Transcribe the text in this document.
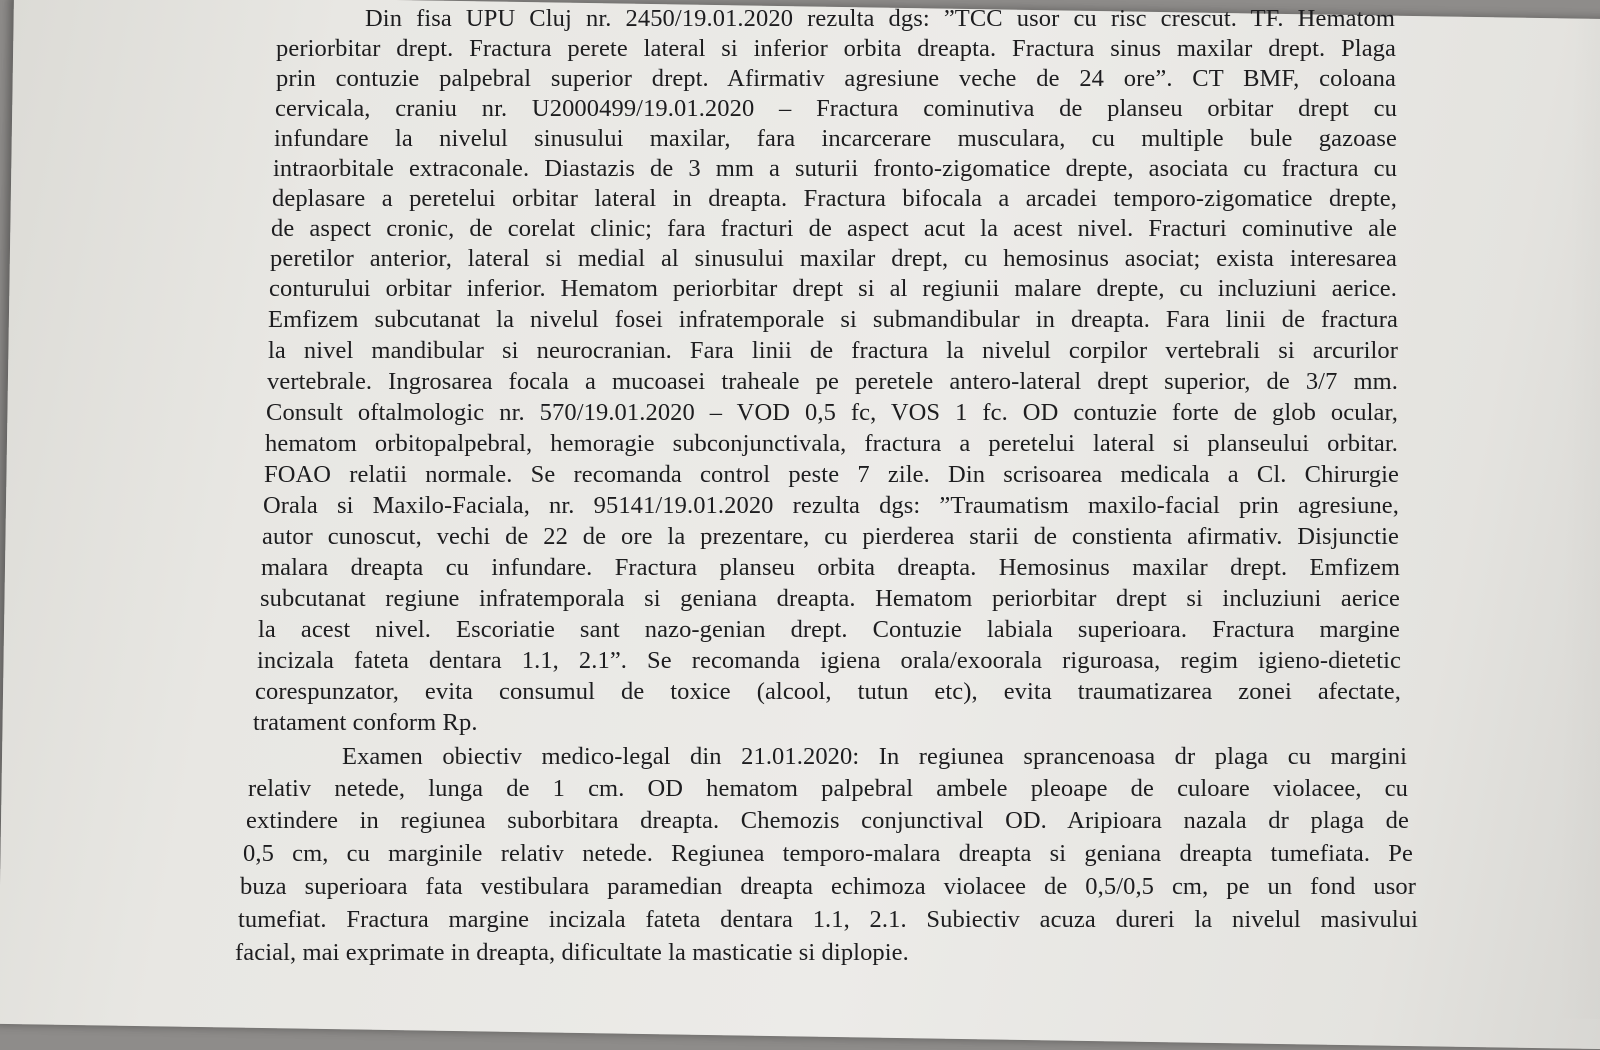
Din fisa UPU Cluj nr. 2450/19.01.2020 rezulta dgs: ”TCC usor cu risc crescut. TF. Hematom
periorbitar drept. Fractura perete lateral si inferior orbita dreapta. Fractura sinus maxilar drept. Plaga
prin contuzie palpebral superior drept. Afirmativ agresiune veche de 24 ore”. CT BMF, coloana
cervicala, craniu nr. U2000499/19.01.2020 – Fractura cominutiva de planseu orbitar drept cu
infundare la nivelul sinusului maxilar, fara incarcerare musculara, cu multiple bule gazoase
intraorbitale extraconale. Diastazis de 3 mm a suturii fronto-zigomatice drepte, asociata cu fractura cu
deplasare a peretelui orbitar lateral in dreapta. Fractura bifocala a arcadei temporo-zigomatice drepte,
de aspect cronic, de corelat clinic; fara fracturi de aspect acut la acest nivel. Fracturi cominutive ale
peretilor anterior, lateral si medial al sinusului maxilar drept, cu hemosinus asociat; exista interesarea
conturului orbitar inferior. Hematom periorbitar drept si al regiunii malare drepte, cu incluziuni aerice.
Emfizem subcutanat la nivelul fosei infratemporale si submandibular in dreapta. Fara linii de fractura
la nivel mandibular si neurocranian. Fara linii de fractura la nivelul corpilor vertebrali si arcurilor
vertebrale. Ingrosarea focala a mucoasei traheale pe peretele antero-lateral drept superior, de 3/7 mm.
Consult oftalmologic nr. 570/19.01.2020 – VOD 0,5 fc, VOS 1 fc. OD contuzie forte de glob ocular,
hematom orbitopalpebral, hemoragie subconjunctivala, fractura a peretelui lateral si planseului orbitar.
FOAO relatii normale. Se recomanda control peste 7 zile. Din scrisoarea medicala a Cl. Chirurgie
Orala si Maxilo-Faciala, nr. 95141/19.01.2020 rezulta dgs: ”Traumatism maxilo-facial prin agresiune,
autor cunoscut, vechi de 22 de ore la prezentare, cu pierderea starii de constienta afirmativ. Disjunctie
malara dreapta cu infundare. Fractura planseu orbita dreapta. Hemosinus maxilar drept. Emfizem
subcutanat regiune infratemporala si geniana dreapta. Hematom periorbitar drept si incluziuni aerice
la acest nivel. Escoriatie sant nazo-genian drept. Contuzie labiala superioara. Fractura margine
incizala fateta dentara 1.1, 2.1”. Se recomanda igiena orala/exoorala riguroasa, regim igieno-dietetic
corespunzator, evita consumul de toxice (alcool, tutun etc), evita traumatizarea zonei afectate,
tratament conform Rp.
Examen obiectiv medico-legal din 21.01.2020: In regiunea sprancenoasa dr plaga cu margini
relativ netede, lunga de 1 cm. OD hematom palpebral ambele pleoape de culoare violacee, cu
extindere in regiunea suborbitara dreapta. Chemozis conjunctival OD. Aripioara nazala dr plaga de
0,5 cm, cu marginile relativ netede. Regiunea temporo-malara dreapta si geniana dreapta tumefiata. Pe
buza superioara fata vestibulara paramedian dreapta echimoza violacee de 0,5/0,5 cm, pe un fond usor
tumefiat. Fractura margine incizala fateta dentara 1.1, 2.1. Subiectiv acuza dureri la nivelul masivului
facial, mai exprimate in dreapta, dificultate la masticatie si diplopie.
